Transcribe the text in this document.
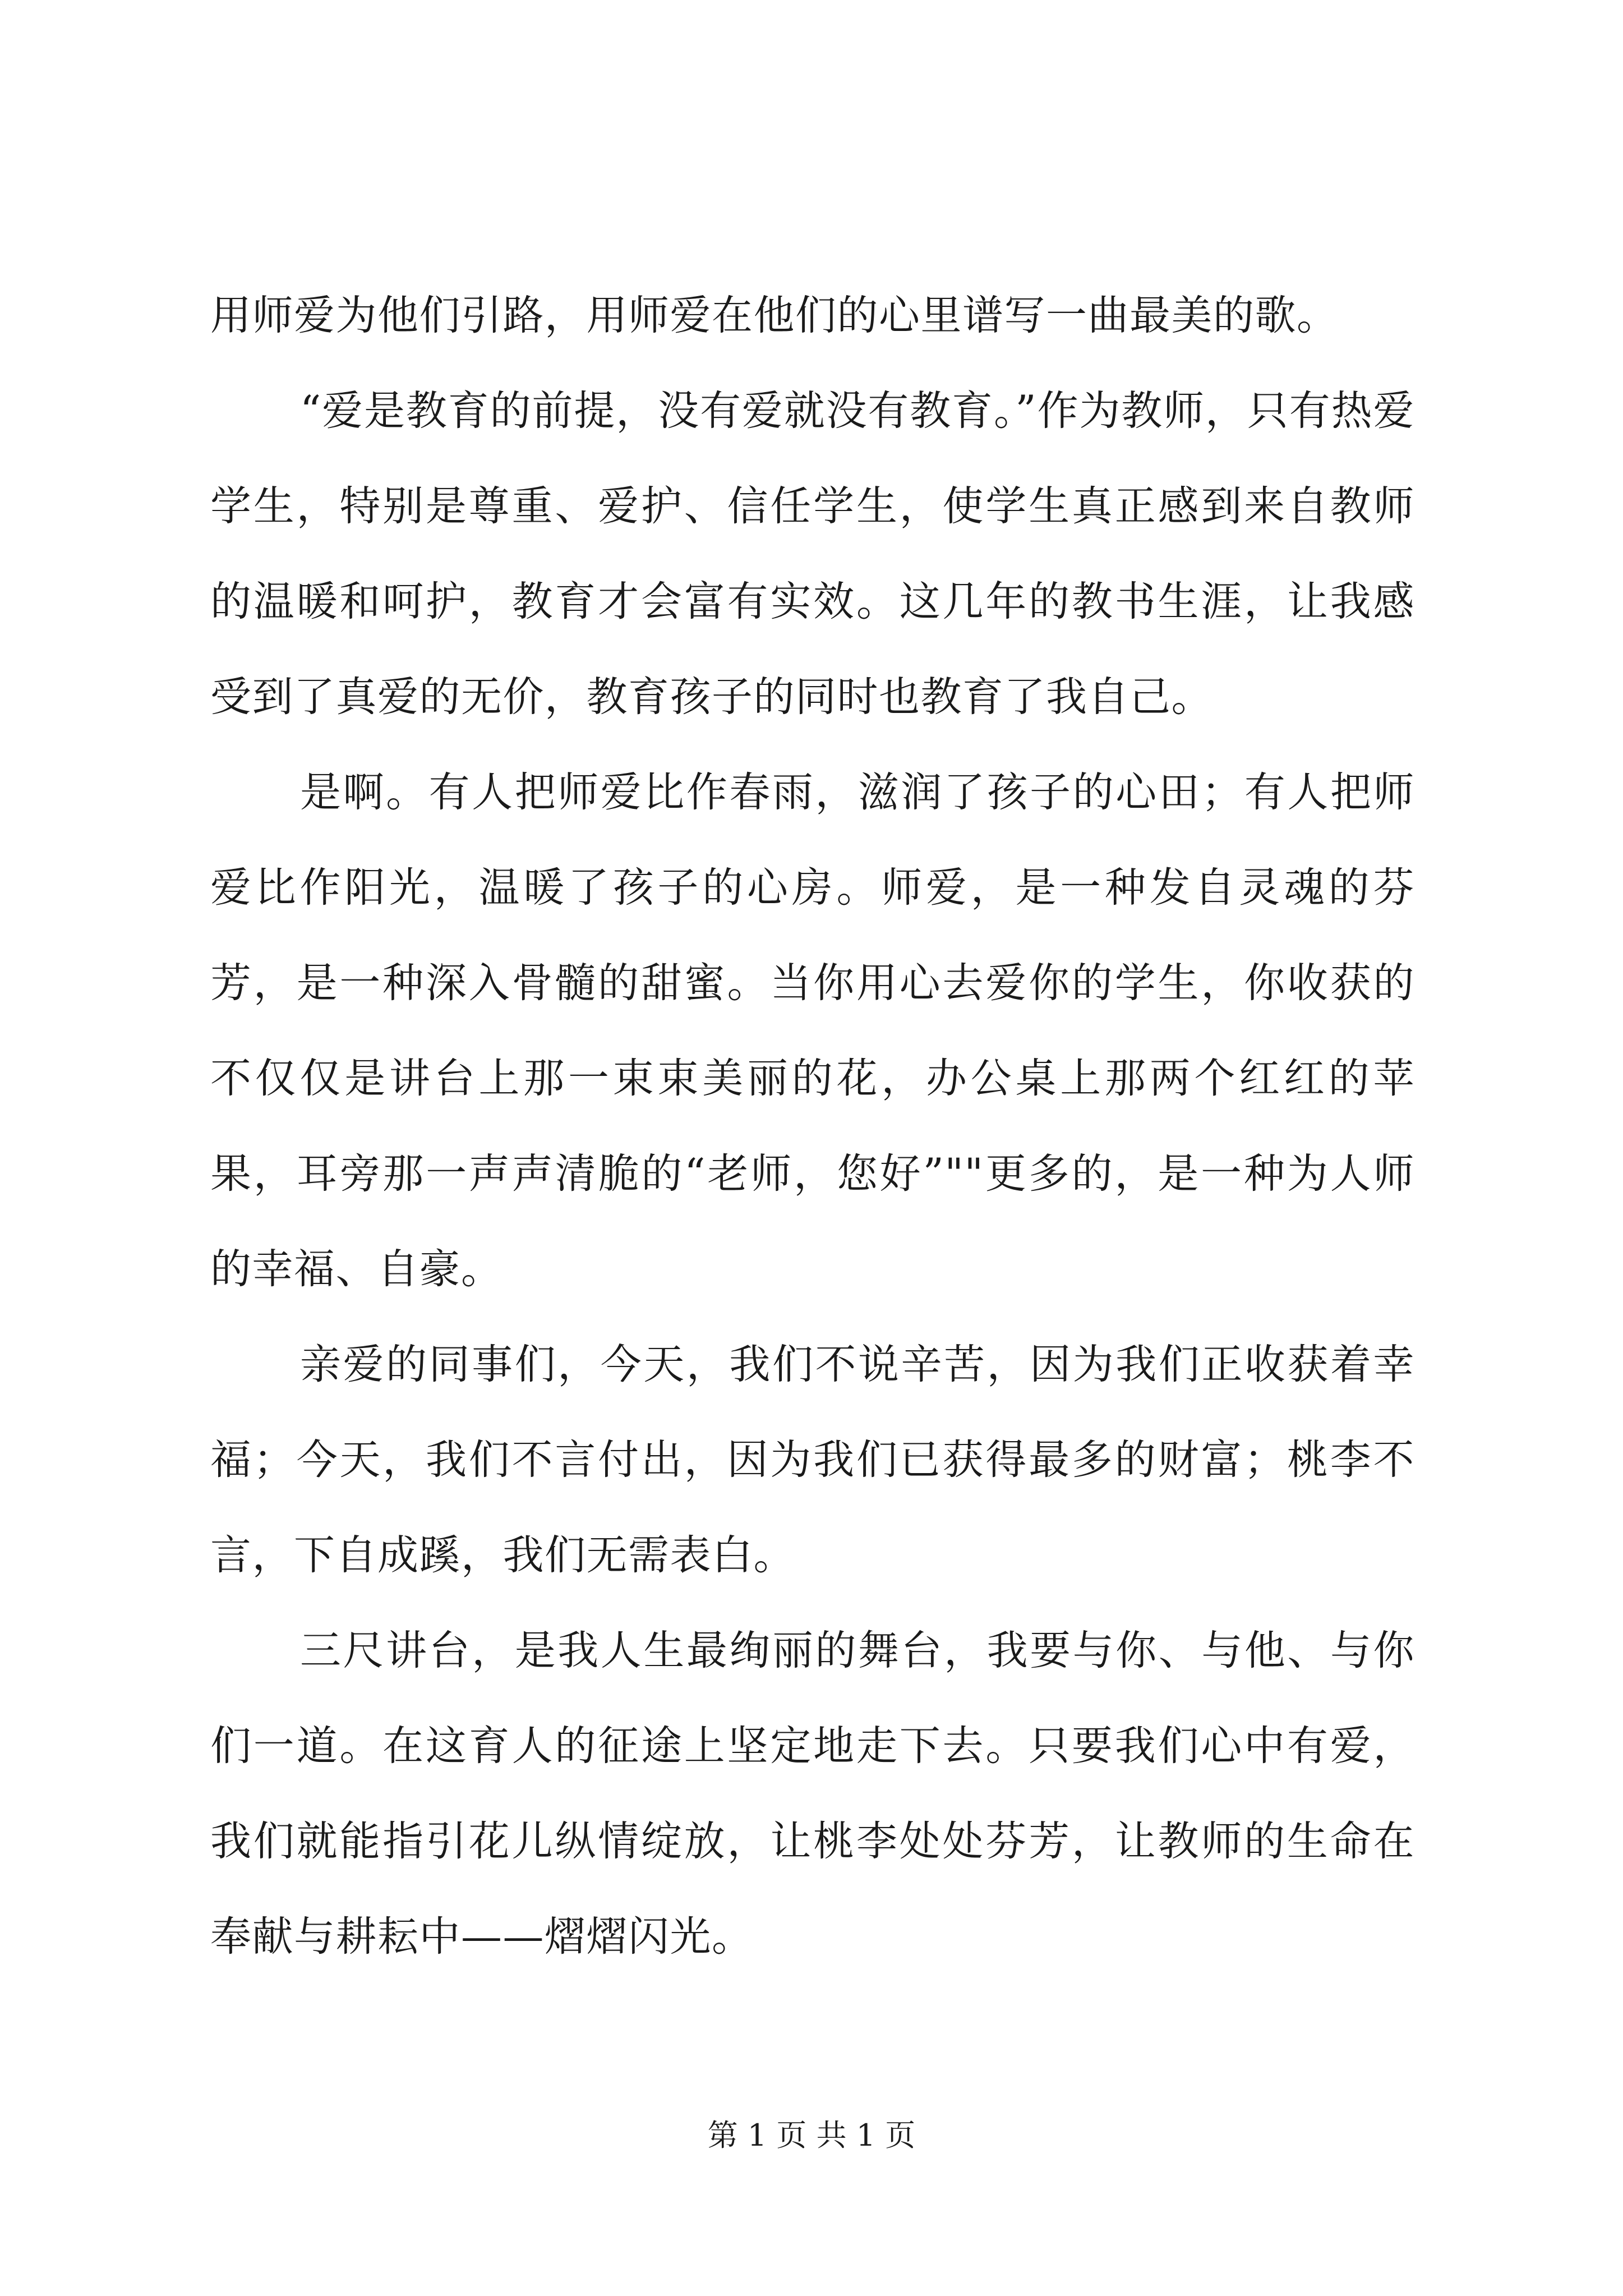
用师爱为他们引路，用师爱在他们的心里谱写一曲最美的歌。

“爱是教育的前提，没有爱就没有教育。”作为教师，只有热爱学生，特别是尊重、爱护、信任学生，使学生真正感到来自教师的温暖和呵护，教育才会富有实效。这几年的教书生涯，让我感受到了真爱的无价，教育孩子的同时也教育了我自己。

是啊。有人把师爱比作春雨，滋润了孩子的心田；有人把师爱比作阳光，温暖了孩子的心房。师爱，是一种发自灵魂的芬芳，是一种深入骨髓的甜蜜。当你用心去爱你的学生，你收获的不仅仅是讲台上那一束束美丽的花，办公桌上那两个红红的苹果，耳旁那一声声清脆的“老师，您好”""更多的，是一种为人师的幸福、自豪。

亲爱的同事们，今天，我们不说辛苦，因为我们正收获着幸福；今天，我们不言付出，因为我们已获得最多的财富；桃李不言，下自成蹊，我们无需表白。

三尺讲台，是我人生最绚丽的舞台，我要与你、与他、与你们一道。在这育人的征途上坚定地走下去。只要我们心中有爱，我们就能指引花儿纵情绽放，让桃李处处芬芳，让教师的生命在奉献与耕耘中——熠熠闪光。

第 1 页 共 1 页
